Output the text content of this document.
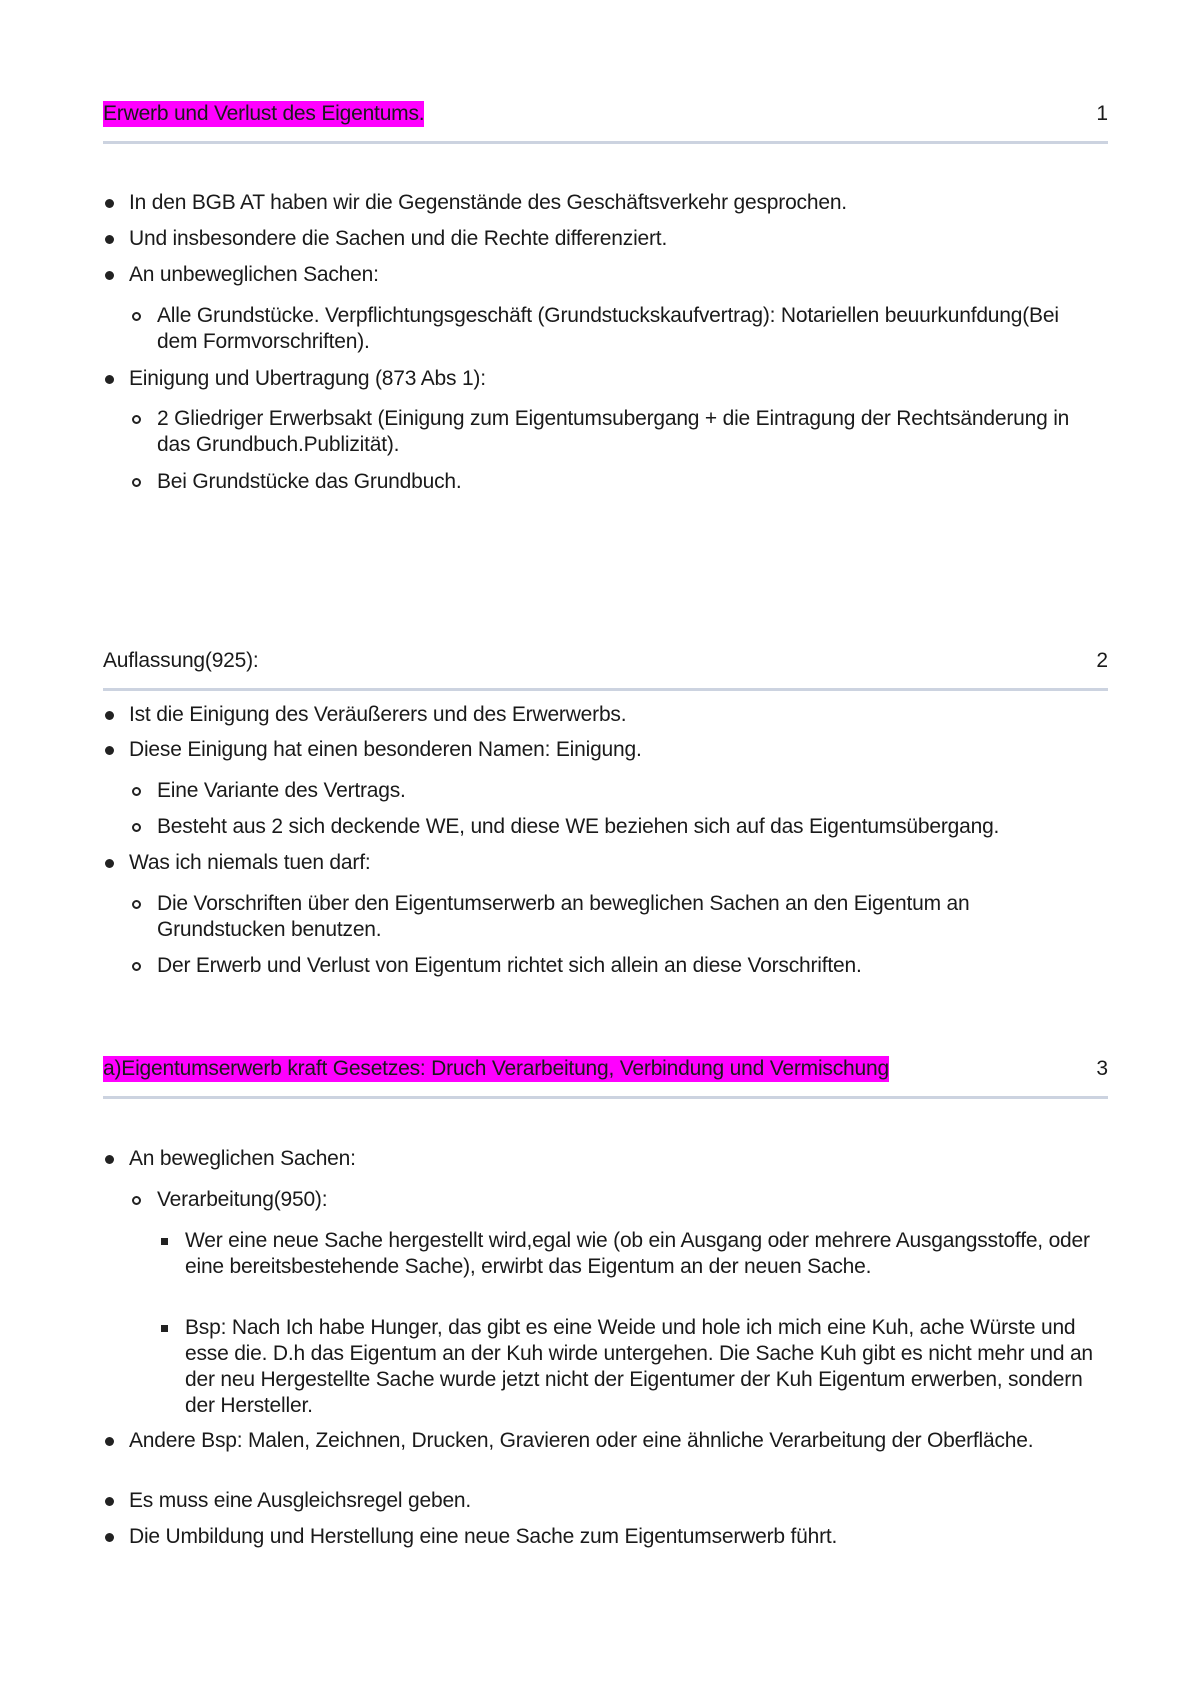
Erwerb und Verlust des Eigentums.	1
In den BGB AT haben wir die Gegenstände des Geschäftsverkehr gesprochen.
Und insbesondere die Sachen und die Rechte differenziert.
An unbeweglichen Sachen:
Alle Grundstücke. Verpflichtungsgeschäft (Grundstuckskaufvertrag): Notariellen beuurkunfdung(Bei dem Formvorschriften).
Einigung und Ubertragung (873 Abs 1):
2 Gliedriger Erwerbsakt (Einigung zum Eigentumsubergang + die Eintragung der Rechtsänderung in das Grundbuch.Publizität).
Bei Grundstücke das Grundbuch.
Auflassung(925):	2
Ist die Einigung des Veräußerers und des Erwerwerbs.
Diese Einigung hat einen besonderen Namen: Einigung.
Eine Variante des Vertrags.
Besteht aus 2 sich deckende WE, und diese WE beziehen sich auf das Eigentumsübergang.
Was ich niemals tuen darf:
Die Vorschriften über den Eigentumserwerb an beweglichen Sachen an den Eigentum an Grundstucken benutzen.
Der Erwerb und Verlust von Eigentum richtet sich allein an diese Vorschriften.
a)Eigentumserwerb kraft Gesetzes: Druch Verarbeitung, Verbindung und Vermischung	3
An beweglichen Sachen:
Verarbeitung(950):
Wer eine neue Sache hergestellt wird,egal wie (ob ein Ausgang oder mehrere Ausgangsstoffe, oder eine bereitsbestehende Sache), erwirbt das Eigentum an der neuen Sache.
Bsp: Nach Ich habe Hunger, das gibt es eine Weide und hole ich mich eine Kuh, ache Würste und esse die. D.h das Eigentum an der Kuh wirde untergehen. Die Sache Kuh gibt es nicht mehr und an der neu Hergestellte Sache wurde jetzt nicht der Eigentumer der Kuh Eigentum erwerben, sondern der Hersteller.
Andere Bsp: Malen, Zeichnen, Drucken, Gravieren oder eine ähnliche Verarbeitung der Oberfläche.
Es muss eine Ausgleichsregel geben.
Die Umbildung und Herstellung eine neue Sache zum Eigentumserwerb führt.
